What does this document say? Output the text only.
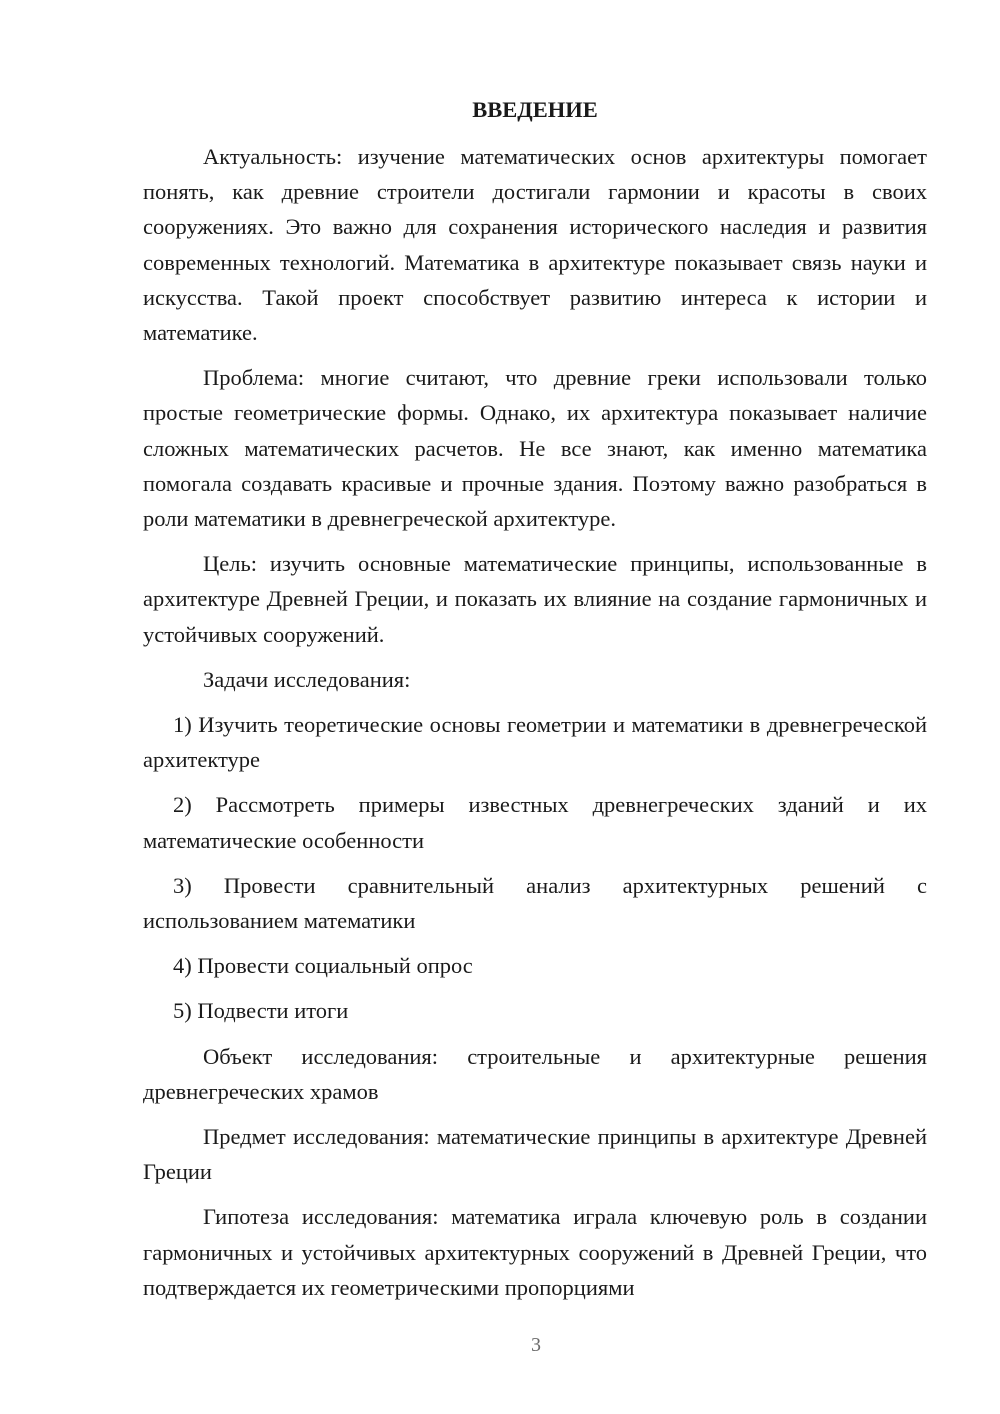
ВВЕДЕНИЕ

Актуальность: изучение математических основ архитектуры помогает понять, как древние строители достигали гармонии и красоты в своих сооружениях. Это важно для сохранения исторического наследия и развития современных технологий. Математика в архитектуре показывает связь науки и искусства. Такой проект способствует развитию интереса к истории и математике.

Проблема: многие считают, что древние греки использовали только простые геометрические формы. Однако, их архитектура показывает наличие сложных математических расчетов. Не все знают, как именно математика помогала создавать красивые и прочные здания. Поэтому важно разобраться в роли математики в древнегреческой архитектуре.

Цель: изучить основные математические принципы, использованные в архитектуре Древней Греции, и показать их влияние на создание гармоничных и устойчивых сооружений.

Задачи исследования:

1) Изучить теоретические основы геометрии и математики в древнегреческой архитектуре

2) Рассмотреть примеры известных древнегреческих зданий и их математические особенности

3) Провести сравнительный анализ архитектурных решений с использованием математики

4) Провести социальный опрос

5) Подвести итоги

Объект исследования: строительные и архитектурные решения древнегреческих храмов

Предмет исследования: математические принципы в архитектуре Древней Греции

Гипотеза исследования: математика играла ключевую роль в создании гармоничных и устойчивых архитектурных сооружений в Древней Греции, что подтверждается их геометрическими пропорциями

3
